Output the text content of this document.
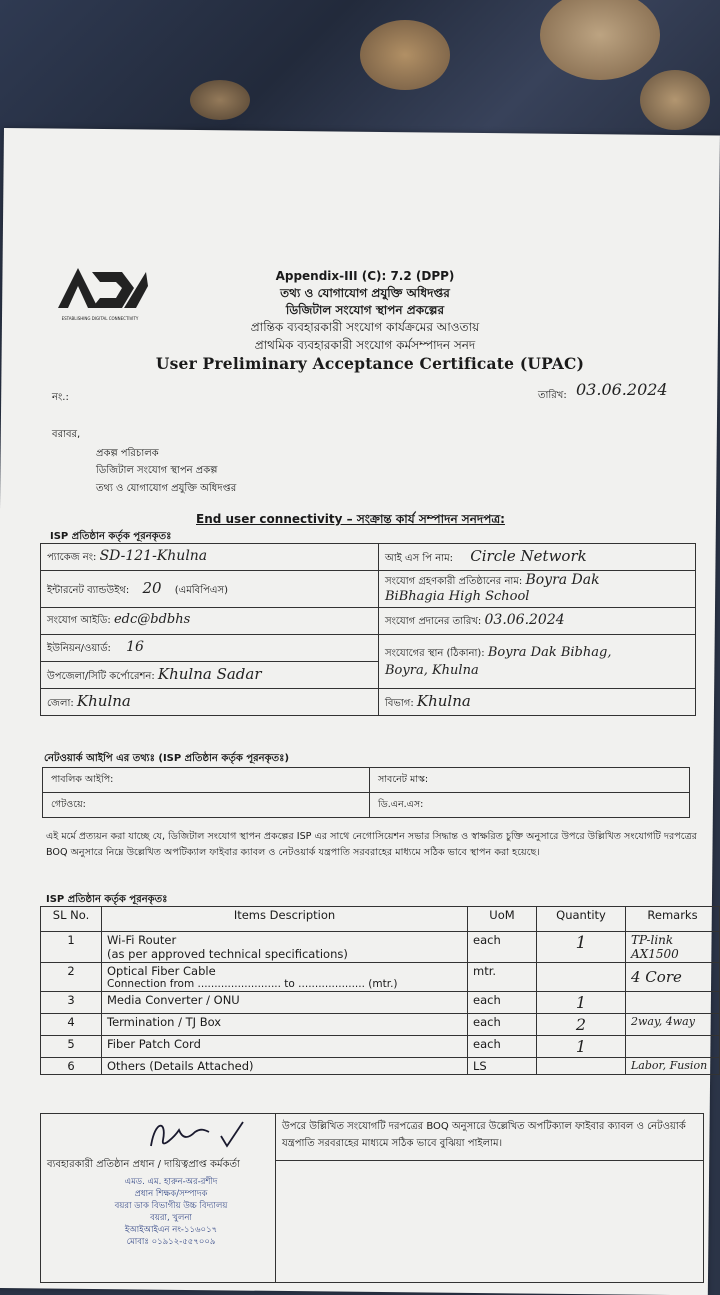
ESTABLISHING DIGITAL CONNECTIVITY
Appendix-III (C): 7.2 (DPP)
তথ্য ও যোগাযোগ প্রযুক্তি অধিদপ্তর
ডিজিটাল সংযোগ স্থাপন প্রকল্পের
প্রান্তিক ব্যবহারকারী সংযোগ কার্যক্রমের আওতায়
প্রাথমিক ব্যবহারকারী সংযোগ কর্মসম্পাদন সনদ
User Preliminary Acceptance Certificate (UPAC)
নং.:	তারিখ: 03.06.2024
বরাবর,
প্রকল্প পরিচালক
ডিজিটাল সংযোগ স্থাপন প্রকল্প
তথ্য ও যোগাযোগ প্রযুক্তি অধিদপ্তর
End user connectivity – সংক্রান্ত কার্য সম্পাদন সনদপত্র:
ISP প্রতিষ্ঠান কর্তৃক পূরনকৃতঃ
প্যাকেজ নং: SD-121-Khulna	আই এস পি নাম: Circle Network
ইন্টারনেট ব্যান্ডউইথ: 20 (এমবিপিএস)	সংযোগ গ্রহণকারী প্রতিষ্ঠানের নাম: Boyra Dak
BiBhagia High School
সংযোগ আইডি: edc@bdbhs	সংযোগ প্রদানের তারিখ: 03.06.2024
ইউনিয়ন/ওয়ার্ড: 16	সংযোগের স্থান (ঠিকানা): Boyra Dak Bibhag,
Boyra, Khulna
উপজেলা/সিটি কর্পোরেশন: Khulna Sadar	
জেলা: Khulna	বিভাগ: Khulna
নেটওয়ার্ক আইপি এর তথ্যঃ (ISP প্রতিষ্ঠান কর্তৃক পূরনকৃতঃ)
পাবলিক আইপি:	সাবনেট মাস্ক:
গেটওয়ে:	ডি.এন.এস:
এই মর্মে প্রত্যয়ন করা যাচ্ছে যে, ডিজিটাল সংযোগ স্থাপন প্রকল্পের ISP এর সাথে নেগোসিয়েশন সভার সিদ্ধান্ত ও স্বাক্ষরিত চুক্তি অনুসারে উপরে উল্লিখিত সংযোগটি দরপত্রের BOQ অনুসারে নিম্নে উল্লেখিত অপটিক্যাল ফাইবার ক্যাবল ও নেটওয়ার্ক যন্ত্রপাতি সরবরাহের মাধ্যমে সঠিক ভাবে স্থাপন করা হয়েছে।
ISP প্রতিষ্ঠান কর্তৃক পূরনকৃতঃ
SL No.	Items Description	UoM	Quantity	Remarks
1	Wi-Fi Router
(as per approved technical specifications)	each	1	TP-link AX1500
2	Optical Fiber Cable
Connection from ......................... to .................... (mtr.)	mtr.		4 Core
3	Media Converter / ONU	each	1	
4	Termination / TJ Box	each	2	2way, 4way
5	Fiber Patch Cord	each	1	
6	Others (Details Attached)	LS		Labor, Fusion
ব্যবহারকারী প্রতিষ্ঠান প্রধান / দায়িত্বপ্রাপ্ত কর্মকর্তা
এমড. এম. হারুন-অর-রশীদ
প্রধান শিক্ষক/সম্পাদক
বয়রা ডাক বিভাগীয় উচ্চ বিদ্যালয়
বয়রা, খুলনা
ইআইআইএন নং-১১৬০১৭
মোবাঃ ০১৯১২-৫৫৭০০৯
	উপরে উল্লিখিত সংযোগটি দরপত্রের BOQ অনুসারে উল্লেখিত অপটিক্যাল ফাইবার ক্যাবল ও নেটওয়ার্ক যন্ত্রপাতি সরবরাহের মাধ্যমে সঠিক ভাবে বুঝিয়া পাইলাম।
